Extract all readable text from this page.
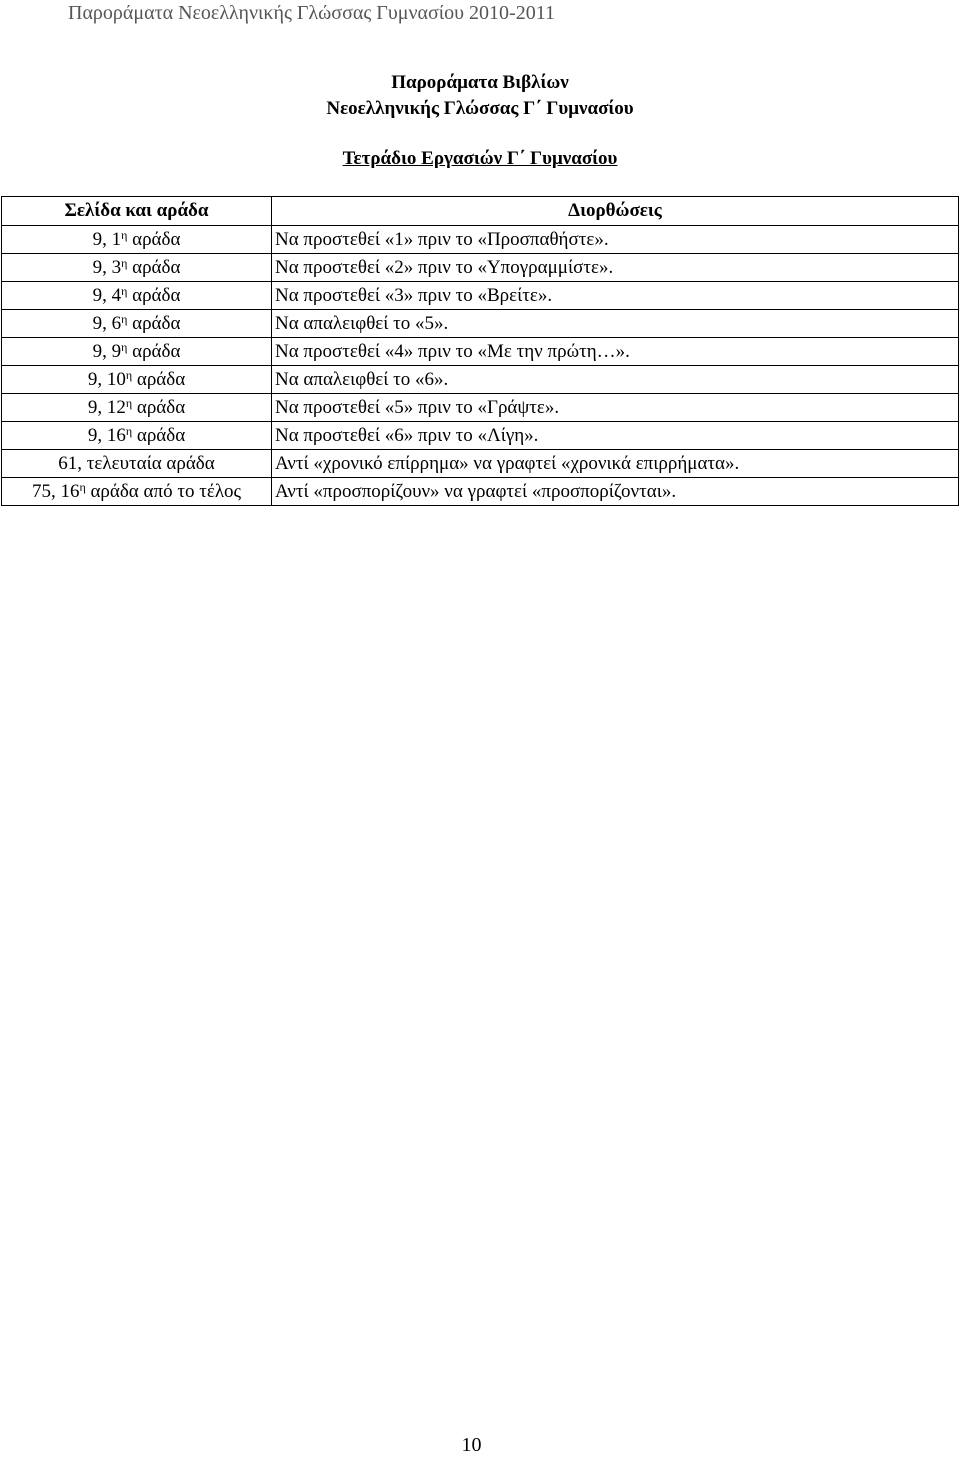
Παροράματα Νεοελληνικής Γλώσσας Γυμνασίου 2010-2011
Παροράματα Βιβλίων
Νεοελληνικής Γλώσσας Γ΄ Γυμνασίου
Τετράδιο Εργασιών Γ΄ Γυμνασίου
Σελίδα και αράδα	Διορθώσεις
9, $1^\eta$ αράδα	Να προστεθεί «1» πριν το «Προσπαθήστε».
9, $3^\eta$ αράδα	Να προστεθεί «2» πριν το «Υπογραμμίστε».
9, $4^\eta$ αράδα	Να προστεθεί «3» πριν το «Βρείτε».
9, $6^\eta$ αράδα	Να απαλειφθεί το «5».
9, $9^\eta$ αράδα	Να προστεθεί «4» πριν το «Με την πρώτη…».
9, $10^\eta$ αράδα	Να απαλειφθεί το «6».
9, $12^\eta$ αράδα	Να προστεθεί «5» πριν το «Γράψτε».
9, $16^\eta$ αράδα	Να προστεθεί «6» πριν το «Λίγη».
61, τελευταία αράδα	Αντί «χρονικό επίρρημα» να γραφτεί «χρονικά επιρρήματα».
75, $16^\eta$ αράδα από το τέλος	Αντί «προσπορίζουν» να γραφτεί «προσπορίζονται».
10
